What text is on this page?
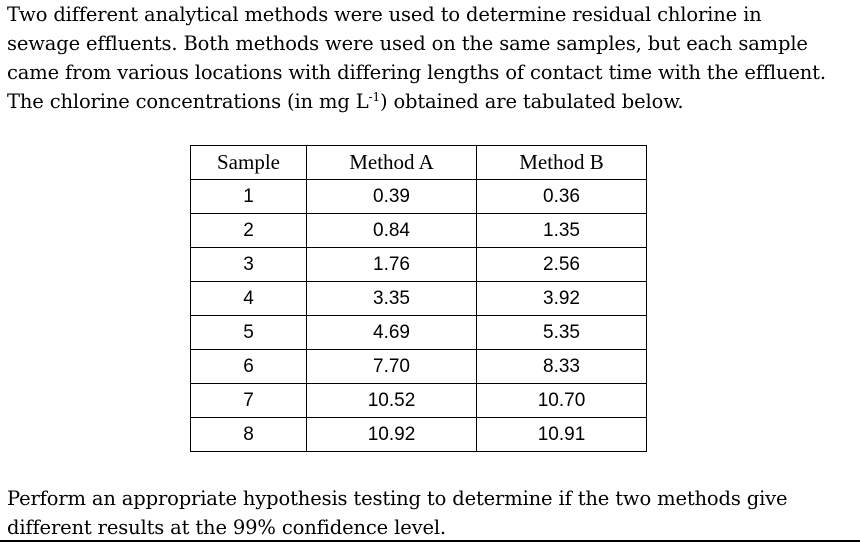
Two different analytical methods were used to determine residual chlorine in
sewage effluents. Both methods were used on the same samples, but each sample
came from various locations with differing lengths of contact time with the effluent.
The chlorine concentrations (in mg $L^{-1}$) obtained are tabulated below.

Sample	Method A	Method B
1	0.39	0.36
2	0.84	1.35
3	1.76	2.56
4	3.35	3.92
5	4.69	5.35
6	7.70	8.33
7	10.52	10.70
8	10.92	10.91

Perform an appropriate hypothesis testing to determine if the two methods give
different results at the 99% confidence level.
